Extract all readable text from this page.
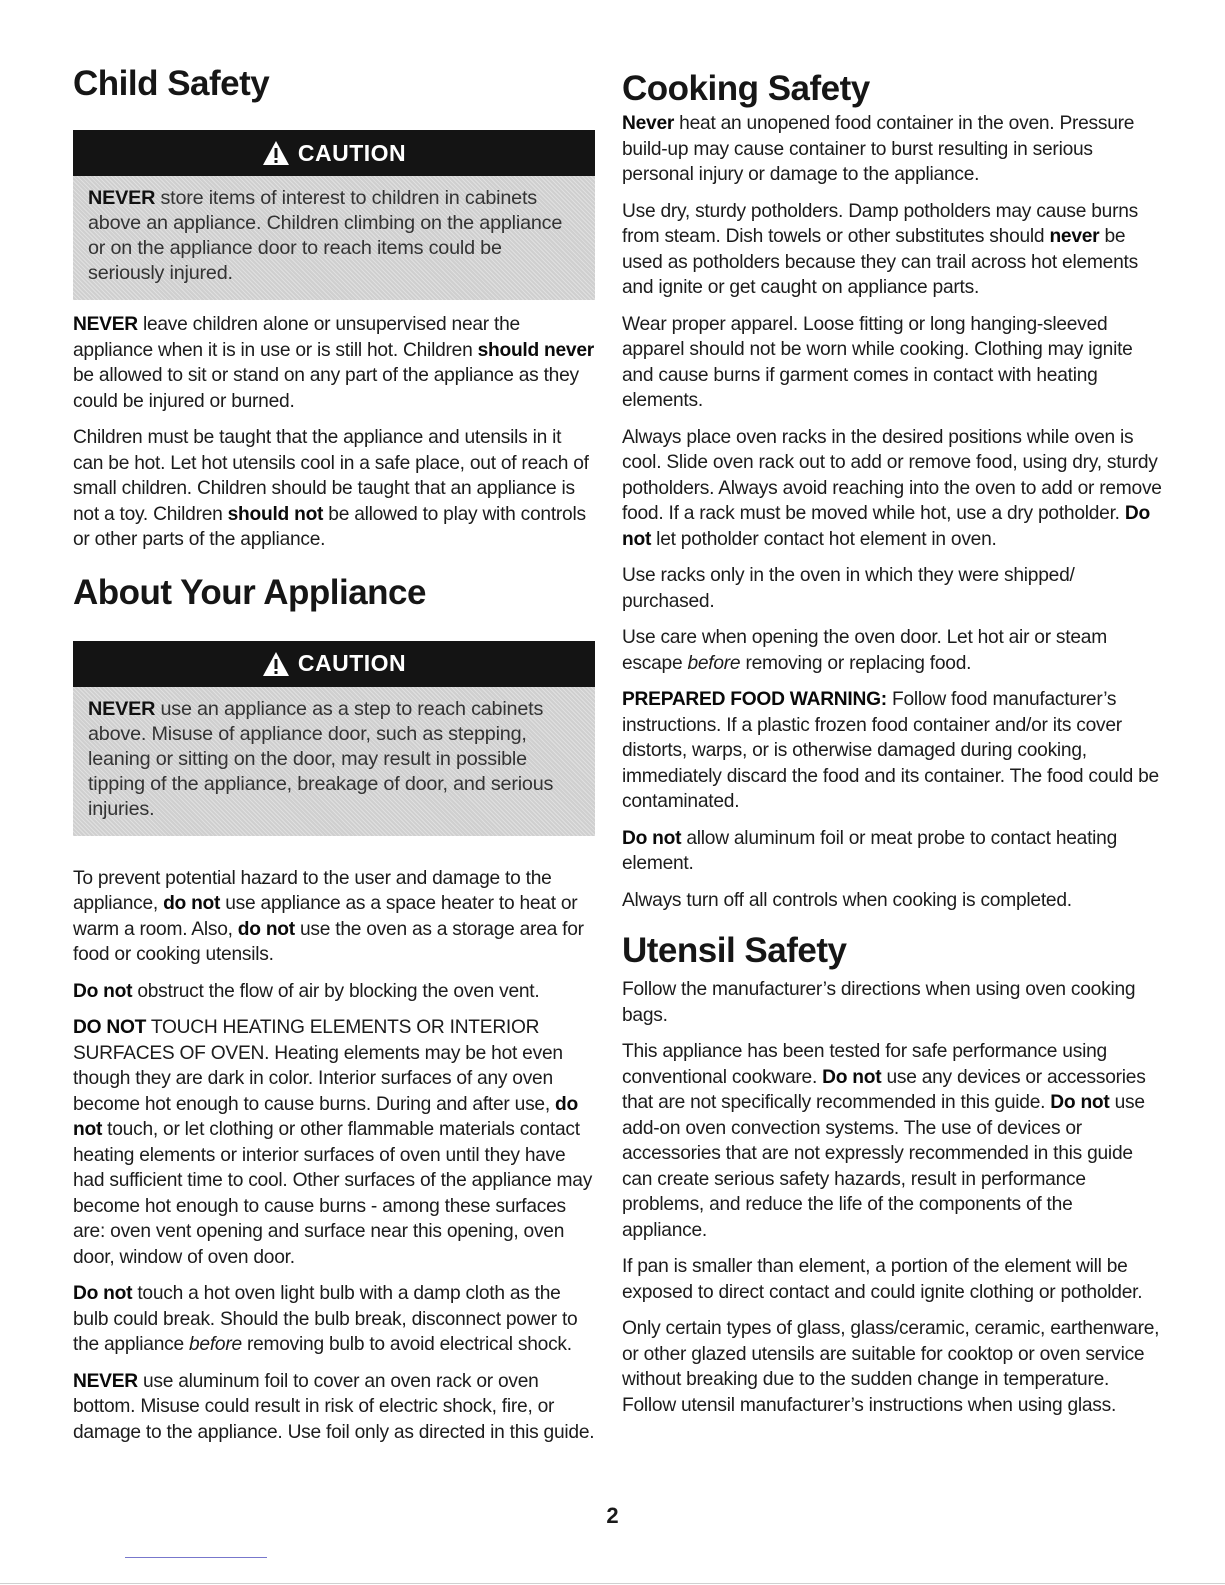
Child Safety
CAUTION
NEVER store items of interest to children in cabinets above an appliance. Children climbing on the appliance or on the appliance door to reach items could be seriously injured.

NEVER leave children alone or unsupervised near the appliance when it is in use or is still hot. Children should never be allowed to sit or stand on any part of the appliance as they could be injured or burned.

Children must be taught that the appliance and utensils in it can be hot. Let hot utensils cool in a safe place, out of reach of small children. Children should be taught that an appliance is not a toy. Children should not be allowed to play with controls or other parts of the appliance.

About Your Appliance
CAUTION
NEVER use an appliance as a step to reach cabinets above. Misuse of appliance door, such as stepping, leaning or sitting on the door, may result in possible tipping of the appliance, breakage of door, and serious injuries.

To prevent potential hazard to the user and damage to the appliance, do not use appliance as a space heater to heat or warm a room. Also, do not use the oven as a storage area for food or cooking utensils.

Do not obstruct the flow of air by blocking the oven vent.

DO NOT TOUCH HEATING ELEMENTS OR INTERIOR SURFACES OF OVEN. Heating elements may be hot even though they are dark in color. Interior surfaces of any oven become hot enough to cause burns. During and after use, do not touch, or let clothing or other flammable materials contact heating elements or interior surfaces of oven until they have had sufficient time to cool. Other surfaces of the appliance may become hot enough to cause burns - among these surfaces are: oven vent opening and surface near this opening, oven door, window of oven door.

Do not touch a hot oven light bulb with a damp cloth as the bulb could break. Should the bulb break, disconnect power to the appliance before removing bulb to avoid electrical shock.

NEVER use aluminum foil to cover an oven rack or oven bottom. Misuse could result in risk of electric shock, fire, or damage to the appliance. Use foil only as directed in this guide.

Cooking Safety

Never heat an unopened food container in the oven. Pressure build-up may cause container to burst resulting in serious personal injury or damage to the appliance.

Use dry, sturdy potholders. Damp potholders may cause burns from steam. Dish towels or other substitutes should never be used as potholders because they can trail across hot elements and ignite or get caught on appliance parts.

Wear proper apparel. Loose fitting or long hanging-sleeved apparel should not be worn while cooking. Clothing may ignite and cause burns if garment comes in contact with heating elements.

Always place oven racks in the desired positions while oven is cool. Slide oven rack out to add or remove food, using dry, sturdy potholders. Always avoid reaching into the oven to add or remove food. If a rack must be moved while hot, use a dry potholder. Do not let potholder contact hot element in oven.

Use racks only in the oven in which they were shipped/ purchased.

Use care when opening the oven door. Let hot air or steam escape before removing or replacing food.

PREPARED FOOD WARNING: Follow food manufacturer’s instructions. If a plastic frozen food container and/or its cover distorts, warps, or is otherwise damaged during cooking, immediately discard the food and its container. The food could be contaminated.

Do not allow aluminum foil or meat probe to contact heating element.

Always turn off all controls when cooking is completed.

Utensil Safety

Follow the manufacturer’s directions when using oven cooking bags.

This appliance has been tested for safe performance using conventional cookware. Do not use any devices or accessories that are not specifically recommended in this guide. Do not use add-on oven convection systems. The use of devices or accessories that are not expressly recommended in this guide can create serious safety hazards, result in performance problems, and reduce the life of the components of the appliance.

If pan is smaller than element, a portion of the element will be exposed to direct contact and could ignite clothing or potholder.

Only certain types of glass, glass/ceramic, ceramic, earthenware, or other glazed utensils are suitable for cooktop or oven service without breaking due to the sudden change in temperature. Follow utensil manufacturer’s instructions when using glass.

2
